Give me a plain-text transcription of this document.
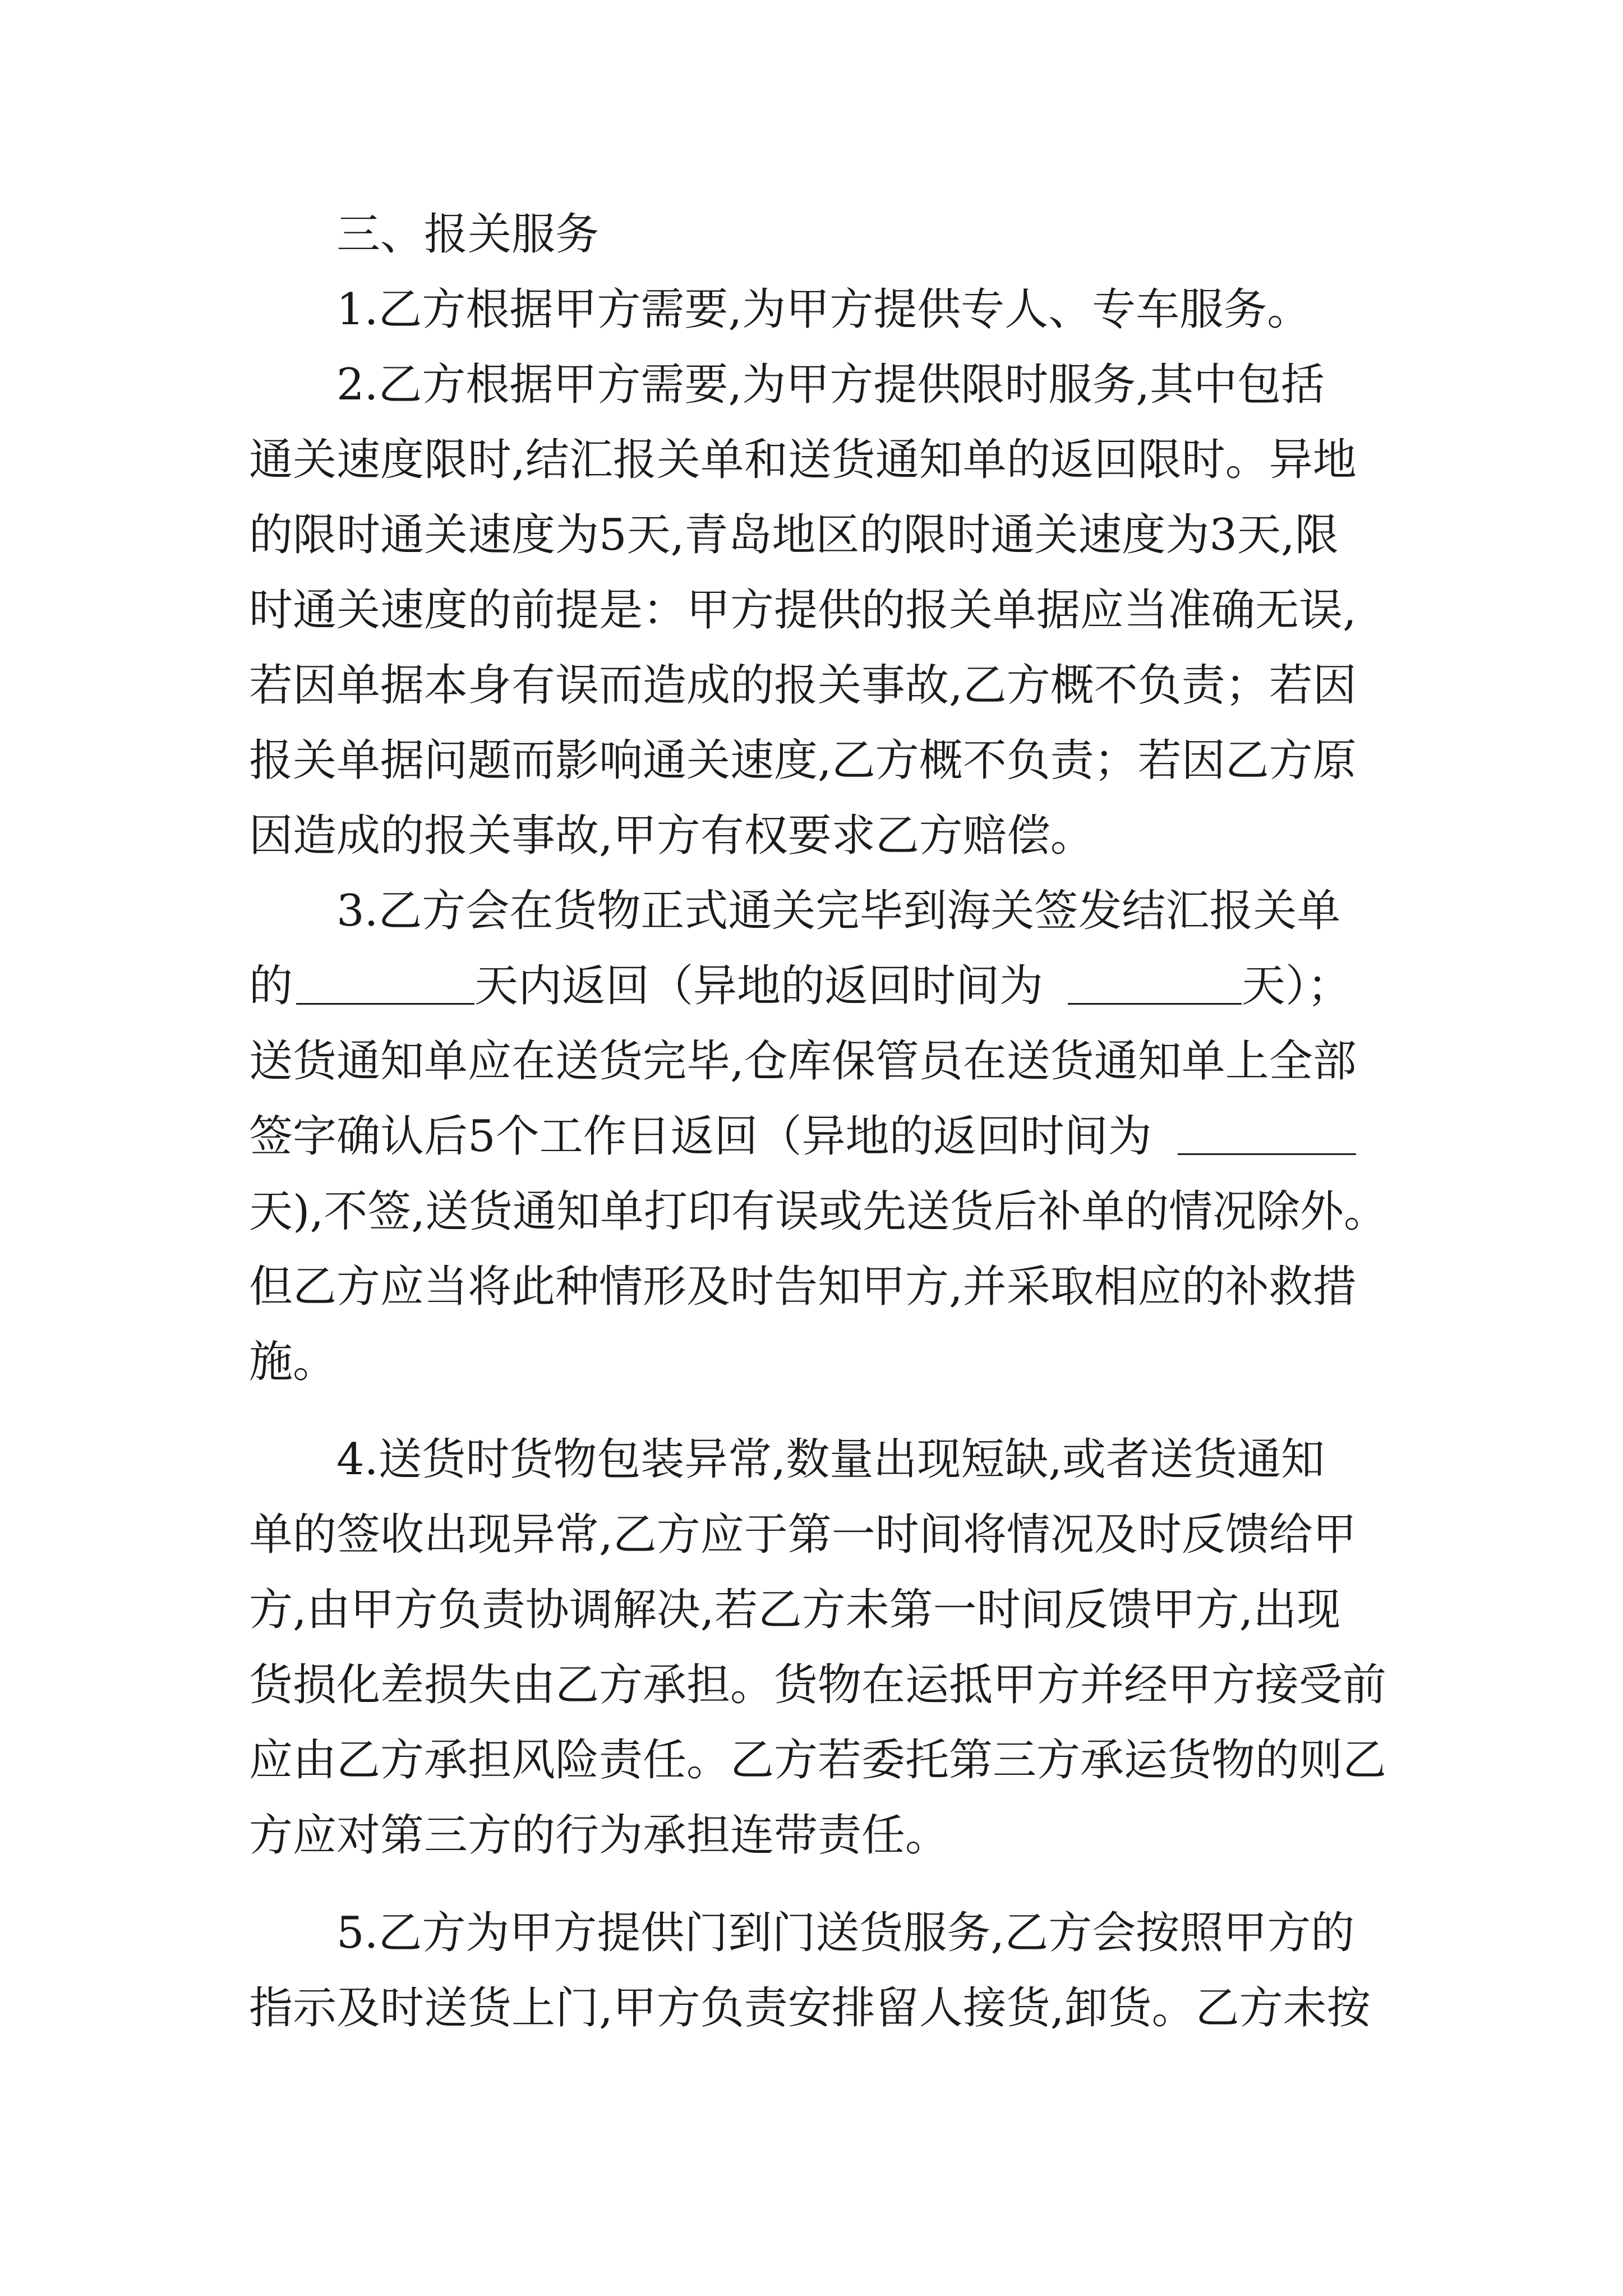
三、报关服务

1.乙方根据甲方需要,为甲方提供专人、专车服务。

2.乙方根据甲方需要,为甲方提供限时服务,其中包括

通关速度限时,结汇报关单和送货通知单的返回限时。异地

的限时通关速度为5天,青岛地区的限时通关速度为3天,限

时通关速度的前提是：甲方提供的报关单据应当准确无误,

若因单据本身有误而造成的报关事故,乙方概不负责；若因

报关单据问题而影响通关速度,乙方概不负责；若因乙方原

因造成的报关事故,甲方有权要求乙方赔偿。

3.乙方会在货物正式通关完毕到海关签发结汇报关单

的

	天内返回（异地的返回时间为

	天）；

送货通知单应在送货完毕,仓库保管员在送货通知单上全部

签字确认后5个工作日返回（异地的返回时间为

天),不签,送货通知单打印有误或先送货后补单的情况除外。

但乙方应当将此种情形及时告知甲方,并采取相应的补救措

施。

4.送货时货物包装异常,数量出现短缺,或者送货通知

单的签收出现异常,乙方应于第一时间将情况及时反馈给甲

方,由甲方负责协调解决,若乙方未第一时间反馈甲方,出现

货损化差损失由乙方承担。货物在运抵甲方并经甲方接受前

应由乙方承担风险责任。乙方若委托第三方承运货物的则乙

方应对第三方的行为承担连带责任。

5.乙方为甲方提供门到门送货服务,乙方会按照甲方的

指示及时送货上门,甲方负责安排留人接货,卸货。乙方未按
